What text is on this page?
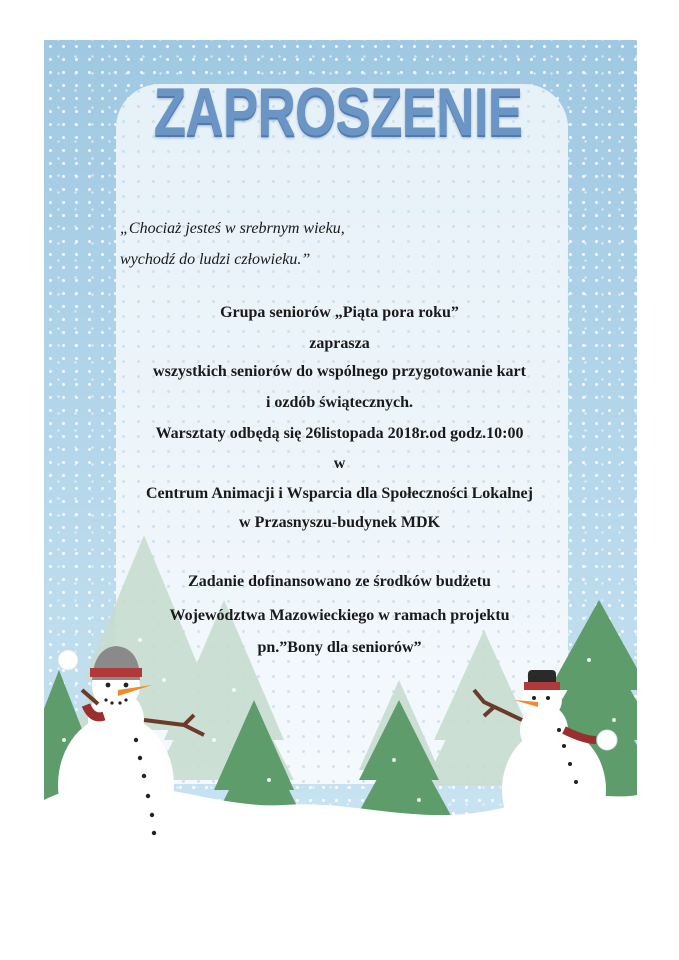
ZAPROSZENIE

„Chociaż jesteś w srebrnym wieku,

wychodź do ludzi człowieku.”

Grupa seniorów „Piąta pora roku”

zaprasza

wszystkich seniorów do wspólnego przygotowanie kart

i ozdób świątecznych.

Warsztaty odbędą się 26listopada 2018r.od godz.10:00

w

Centrum Animacji i Wsparcia dla Społeczności Lokalnej

w Przasnyszu-budynek MDK

Zadanie dofinansowano ze środków budżetu

Województwa Mazowieckiego w ramach projektu

pn.”Bony dla seniorów”
